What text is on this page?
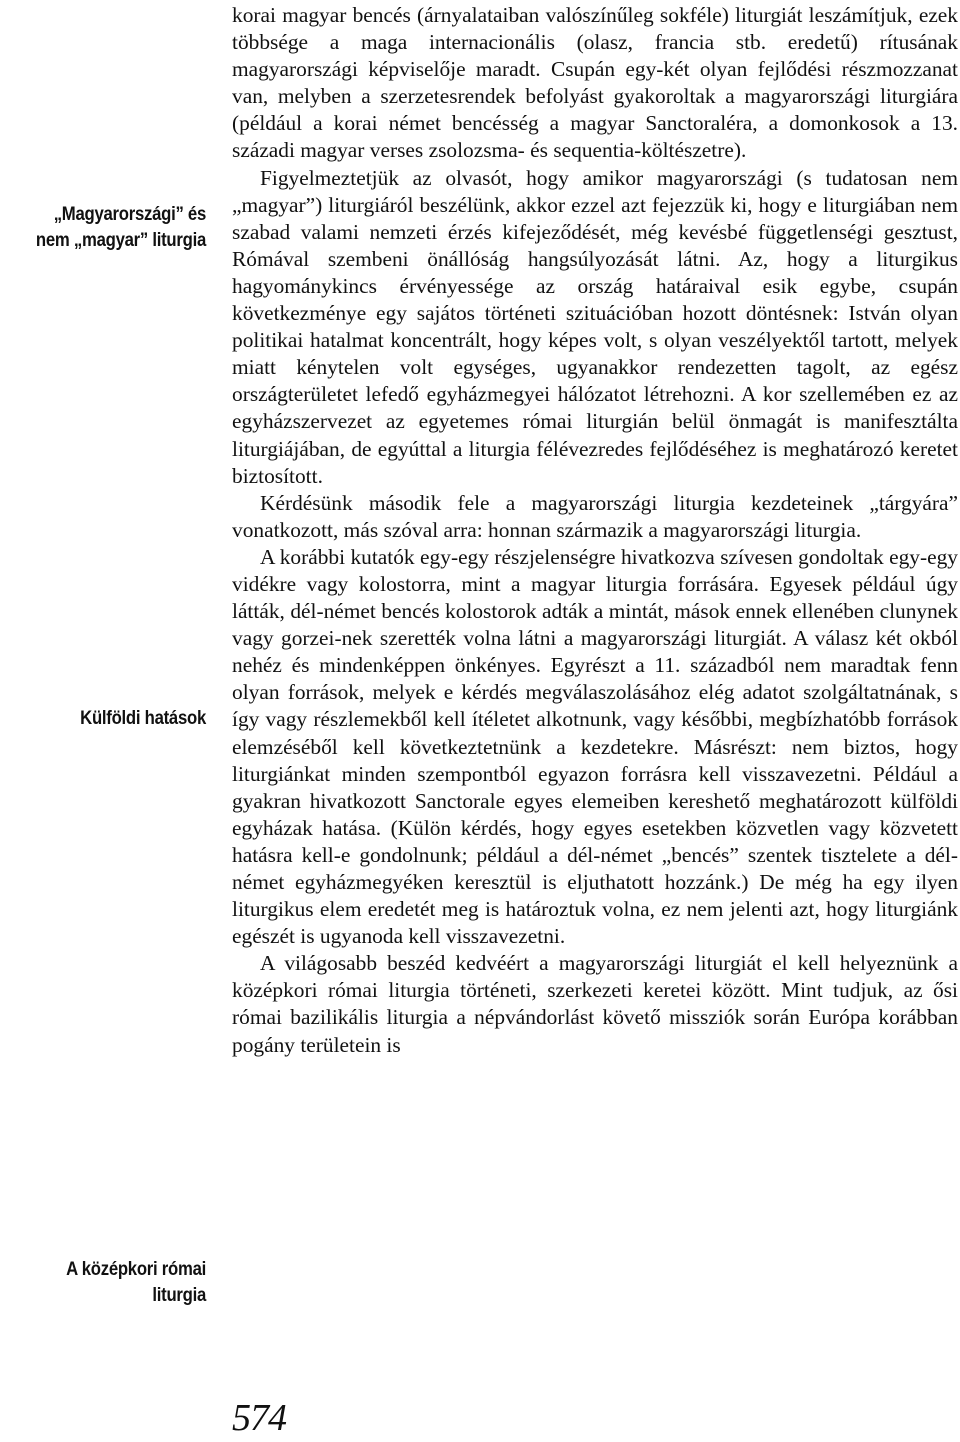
„Magyarországi” és
nem „magyar” liturgia
Külföldi hatások
A középkori római
liturgia

korai magyar bencés (árnyalataiban valószínűleg sokféle) liturgiát leszámítjuk, ezek többsége a maga internacionális (olasz, francia stb. eredetű) rítusának magyarországi képviselője maradt. Csupán egy-két olyan fejlődési részmozzanat van, melyben a szerzetesrendek befolyást gyakoroltak a magyarországi liturgiára (például a korai német bencésség a magyar Sanctoraléra, a domonkosok a 13. századi magyar verses zsolozsma- és sequentia-költészetre).

Figyelmeztetjük az olvasót, hogy amikor magyarországi (s tudatosan nem „magyar”) liturgiáról beszélünk, akkor ezzel azt fejezzük ki, hogy e liturgiában nem szabad valami nemzeti érzés kifejeződését, még kevésbé függetlenségi gesztust, Rómával szembeni önállóság hangsúlyozását látni. Az, hogy a liturgikus hagyománykincs érvényessége az ország határaival esik egybe, csupán következménye egy sajátos történeti szituációban hozott döntésnek: István olyan politikai hatalmat koncentrált, hogy képes volt, s olyan veszélyektől tartott, melyek miatt kénytelen volt egységes, ugyanakkor rendezetten tagolt, az egész országterületet lefedő egyházmegyei hálózatot létrehozni. A kor szellemében ez az egyházszervezet az egyetemes római liturgián belül önmagát is manifesztálta liturgiájában, de egyúttal a liturgia félévezredes fejlődéséhez is meghatározó keretet biztosított.

Kérdésünk második fele a magyarországi liturgia kezdeteinek „tárgyára” vonatkozott, más szóval arra: honnan származik a magyarországi liturgia.

A korábbi kutatók egy-egy részjelenségre hivatkozva szívesen gondoltak egy-egy vidékre vagy kolostorra, mint a magyar liturgia forrására. Egyesek például úgy látták, dél-német bencés kolostorok adták a mintát, mások ennek ellenében clunynek vagy gorzei-nek szerették volna látni a magyarországi liturgiát. A válasz két okból nehéz és mindenképpen önkényes. Egyrészt a 11. századból nem maradtak fenn olyan források, melyek e kérdés megválaszolásához elég adatot szolgáltatnának, s így vagy részlemekből kell ítéletet alkotnunk, vagy későbbi, megbízhatóbb források elemzéséből kell következtetnünk a kezdetekre. Másrészt: nem biztos, hogy liturgiánkat minden szempontból egyazon forrásra kell visszavezetni. Például a gyakran hivatkozott Sanctorale egyes elemeiben kereshető meghatározott külföldi egyházak hatása. (Külön kérdés, hogy egyes esetekben közvetlen vagy közvetett hatásra kell-e gondolnunk; például a dél-német „bencés” szentek tisztelete a dél-német egyházmegyéken keresztül is eljuthatott hozzánk.) De még ha egy ilyen liturgikus elem eredetét meg is határoztuk volna, ez nem jelenti azt, hogy liturgiánk egészét is ugyanoda kell visszavezetni.

A világosabb beszéd kedvéért a magyarországi liturgiát el kell helyeznünk a középkori római liturgia történeti, szerkezeti keretei között. Mint tudjuk, az ősi római bazilikális liturgia a népvándorlást követő missziók során Európa korábban pogány területein is

574
